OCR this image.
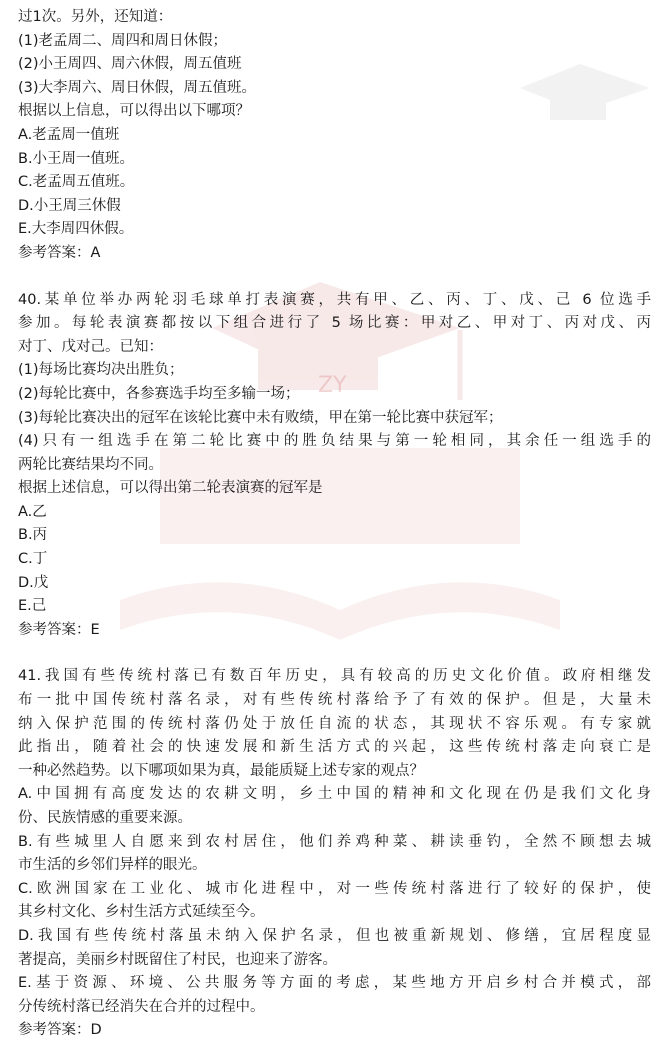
ZY
过1次。另外，还知道：
(1)老孟周二、周四和周日休假；
(2)小王周四、周六休假，周五值班
(3)大李周六、周日休假，周五值班。
根据以上信息，可以得出以下哪项？
A.老孟周一值班
B.小王周一值班。
C.老孟周五值班。
D.小王周三休假
E.大李周四休假。
参考答案：A
40.某单位举办两轮羽毛球单打表演赛，共有甲、乙、丙、丁、戊、己 6 位选手
参加。每轮表演赛都按以下组合进行了 5 场比赛：甲对乙、甲对丁、丙对戊、丙
对丁、戊对己。已知：
(1)每场比赛均决出胜负；
(2)每轮比赛中，各参赛选手均至多输一场；
(3)每轮比赛决出的冠军在该轮比赛中未有败绩，甲在第一轮比赛中获冠军；
(4)只有一组选手在第二轮比赛中的胜负结果与第一轮相同，其余任一组选手的
两轮比赛结果均不同。
根据上述信息，可以得出第二轮表演赛的冠军是
A.乙
B.丙
C.丁
D.戊
E.己
参考答案：E
41.我国有些传统村落已有数百年历史，具有较高的历史文化价值。政府相继发
布一批中国传统村落名录，对有些传统村落给予了有效的保护。但是，大量未
纳入保护范围的传统村落仍处于放任自流的状态，其现状不容乐观。有专家就
此指出，随着社会的快速发展和新生活方式的兴起，这些传统村落走向衰亡是
一种必然趋势。以下哪项如果为真，最能质疑上述专家的观点？
A.中国拥有高度发达的农耕文明，乡土中国的精神和文化现在仍是我们文化身
份、民族情感的重要来源。
B.有些城里人自愿来到农村居住，他们养鸡种菜、耕读垂钓，全然不顾想去城
市生活的乡邻们异样的眼光。
C.欧洲国家在工业化、城市化进程中，对一些传统村落进行了较好的保护，使
其乡村文化、乡村生活方式延续至今。
D.我国有些传统村落虽未纳入保护名录，但也被重新规划、修缮，宜居程度显
著提高，美丽乡村既留住了村民，也迎来了游客。
E.基于资源、环境、公共服务等方面的考虑，某些地方开启乡村合并模式，部
分传统村落已经消失在合并的过程中。
参考答案：D
